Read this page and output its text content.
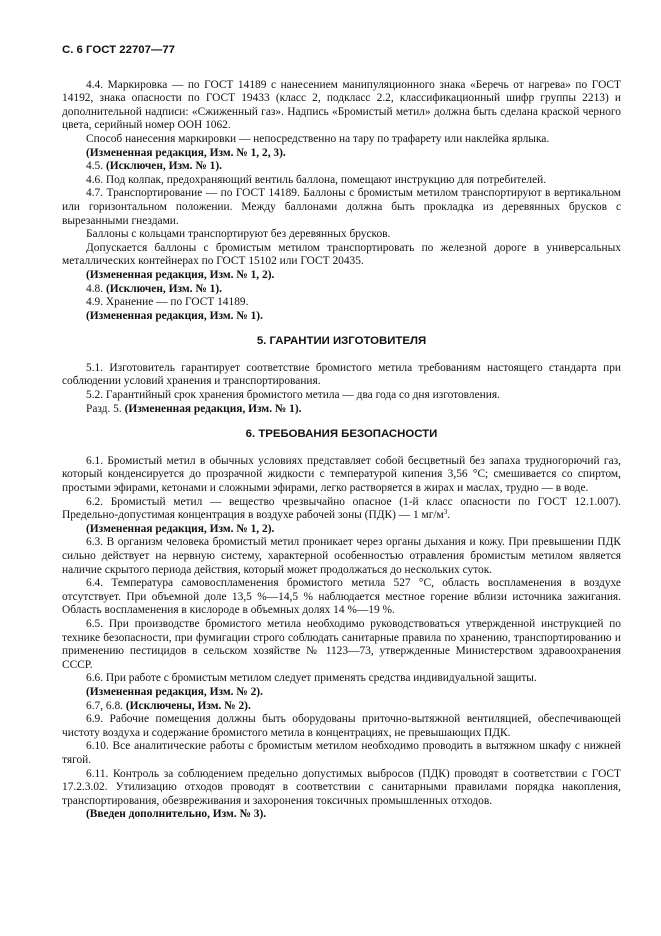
С. 6 ГОСТ 22707—77

4.4. Маркировка — по ГОСТ 14189 с нанесением манипуляционного знака «Беречь от нагрева» по ГОСТ 14192, знака опасности по ГОСТ 19433 (класс 2, подкласс 2.2, классификационный шифр группы 2213) и дополнительной надписи: «Сжиженный газ». Надпись «Бромистый метил» должна быть сделана краской черного цвета, серийный номер ООН 1062.

Способ нанесения маркировки — непосредственно на тару по трафарету или наклейка ярлыка.

(Измененная редакция, Изм. № 1, 2, 3).

4.5. (Исключен, Изм. № 1).

4.6. Под колпак, предохраняющий вентиль баллона, помещают инструкцию для потребителей.

4.7. Транспортирование — по ГОСТ 14189. Баллоны с бромистым метилом транспортируют в вертикальном или горизонтальном положении. Между баллонами должна быть прокладка из деревянных брусков с вырезанными гнездами.

Баллоны с кольцами транспортируют без деревянных брусков.

Допускается баллоны с бромистым метилом транспортировать по железной дороге в универсальных металлических контейнерах по ГОСТ 15102 или ГОСТ 20435.

(Измененная редакция, Изм. № 1, 2).

4.8. (Исключен, Изм. № 1).

4.9. Хранение — по ГОСТ 14189.

(Измененная редакция, Изм. № 1).

5. ГАРАНТИИ ИЗГОТОВИТЕЛЯ

5.1. Изготовитель гарантирует соответствие бромистого метила требованиям настоящего стандарта при соблюдении условий хранения и транспортирования.

5.2. Гарантийный срок хранения бромистого метила — два года со дня изготовления.

Разд. 5. (Измененная редакция, Изм. № 1).

6. ТРЕБОВАНИЯ БЕЗОПАСНОСТИ

6.1. Бромистый метил в обычных условиях представляет собой бесцветный без запаха трудногорючий газ, который конденсируется до прозрачной жидкости с температурой кипения 3,56 °С; смешивается со спиртом, простыми эфирами, кетонами и сложными эфирами, легко растворяется в жирах и маслах, трудно — в воде.

6.2. Бромистый метил — вещество чрезвычайно опасное (1-й класс опасности по ГОСТ 12.1.007). Предельно-допустимая концентрация в воздухе рабочей зоны (ПДК) — 1 $мг/м^3$.

(Измененная редакция, Изм. № 1, 2).

6.3. В организм человека бромистый метил проникает через органы дыхания и кожу. При превышении ПДК сильно действует на нервную систему, характерной особенностью отравления бромистым метилом является наличие скрытого периода действия, который может продолжаться до нескольких суток.

6.4. Температура самовоспламенения бромистого метила 527 °С, область воспламенения в воздухе отсутствует. При объемной доле 13,5 %—14,5 % наблюдается местное горение вблизи источника зажигания. Область воспламенения в кислороде в объемных долях 14 %—19 %.

6.5. При производстве бромистого метила необходимо руководствоваться утвержденной инструкцией по технике безопасности, при фумигации строго соблюдать санитарные правила по хранению, транспортированию и применению пестицидов в сельском хозяйстве № 1123—73, утвержденные Министерством здравоохранения СССР.

6.6. При работе с бромистым метилом следует применять средства индивидуальной защиты.

(Измененная редакция, Изм. № 2).

6.7, 6.8. (Исключены, Изм. № 2).

6.9. Рабочие помещения должны быть оборудованы приточно-вытяжной вентиляцией, обеспечивающей чистоту воздуха и содержание бромистого метила в концентрациях, не превышающих ПДК.

6.10. Все аналитические работы с бромистым метилом необходимо проводить в вытяжном шкафу с нижней тягой.

6.11. Контроль за соблюдением предельно допустимых выбросов (ПДК) проводят в соответствии с ГОСТ 17.2.3.02. Утилизацию отходов проводят в соответствии с санитарными правилами порядка накопления, транспортирования, обезвреживания и захоронения токсичных промышленных отходов.

(Введен дополнительно, Изм. № 3).
